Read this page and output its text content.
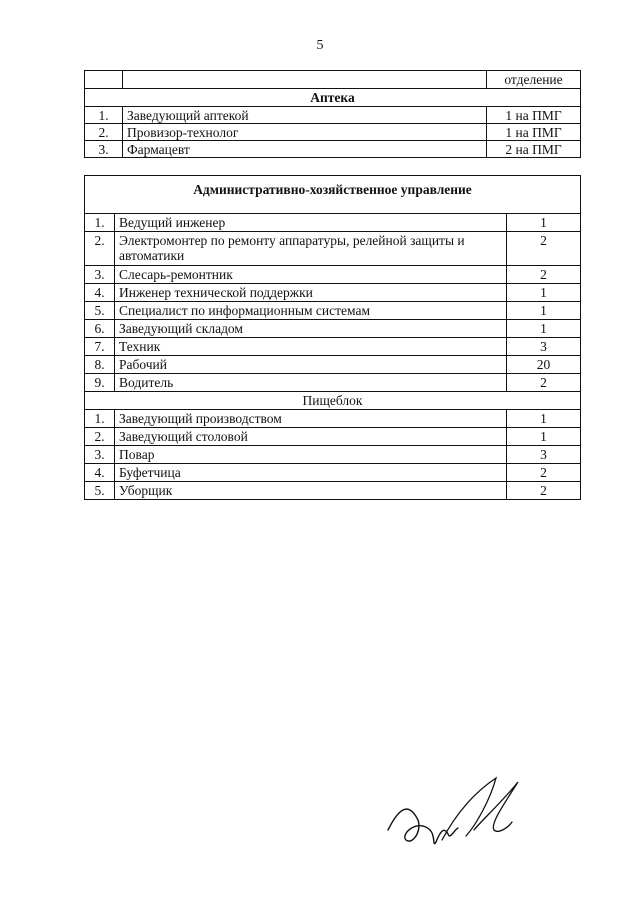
5
		отделение
Аптека		
1.	Заведующий аптекой	1 на ПМГ
2.	Провизор-технолог	1 на ПМГ
3.	Фармацевт	2 на ПМГ
Административно-хозяйственное управление		
1.	Ведущий инженер	1
2.	Электромонтер по ремонту аппаратуры, релейной защиты и автоматики	2
3.	Слесарь-ремонтник	2
4.	Инженер технической поддержки	1
5.	Специалист по информационным системам	1
6.	Заведующий складом	1
7.	Техник	3
8.	Рабочий	20
9.	Водитель	2
Пищеблок		
1.	Заведующий производством	1
2.	Заведующий столовой	1
3.	Повар	3
4.	Буфетчица	2
5.	Уборщик	2
